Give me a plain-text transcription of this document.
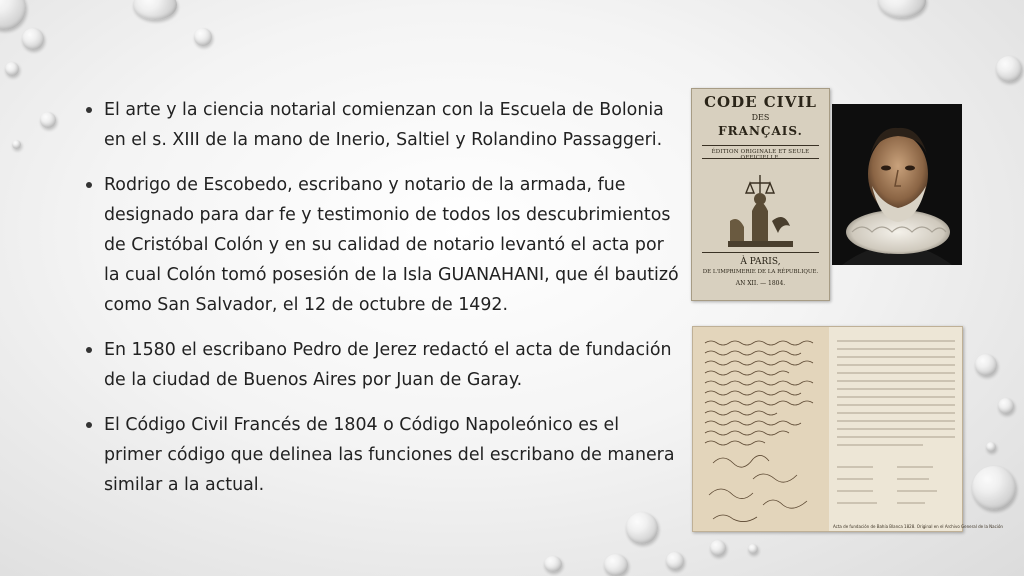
El arte y la ciencia notarial comienzan con la Escuela de Bolonia en el s. XIII de la mano de Inerio, Saltiel y Rolandino Passaggeri.
Rodrigo de Escobedo, escribano y notario de la armada, fue designado para dar fe y testimonio de todos los descubrimientos de Cristóbal Colón y en su calidad de notario levantó el acta por la cual Colón tomó posesión de la Isla GUANAHANI, que él bautizó como San Salvador, el 12 de octubre de 1492.
En 1580 el escribano Pedro de Jerez redactó el acta de fundación de la ciudad de Buenos Aires por Juan de Garay.
El Código Civil Francés de 1804 o Código Napoleónico es el primer código que delinea las funciones del escribano de manera similar a la actual.
CODE CIVIL
DES
FRANÇAIS.
ÉDITION ORIGINALE ET SEULE
À PARIS,
DE L'IMPRIMERIE DE LA RÉPUBLIQUE.
AN XII. — 1804.
Acta de fundación de Bahía Blanca 1828. Original en el Archivo General de la Nación
